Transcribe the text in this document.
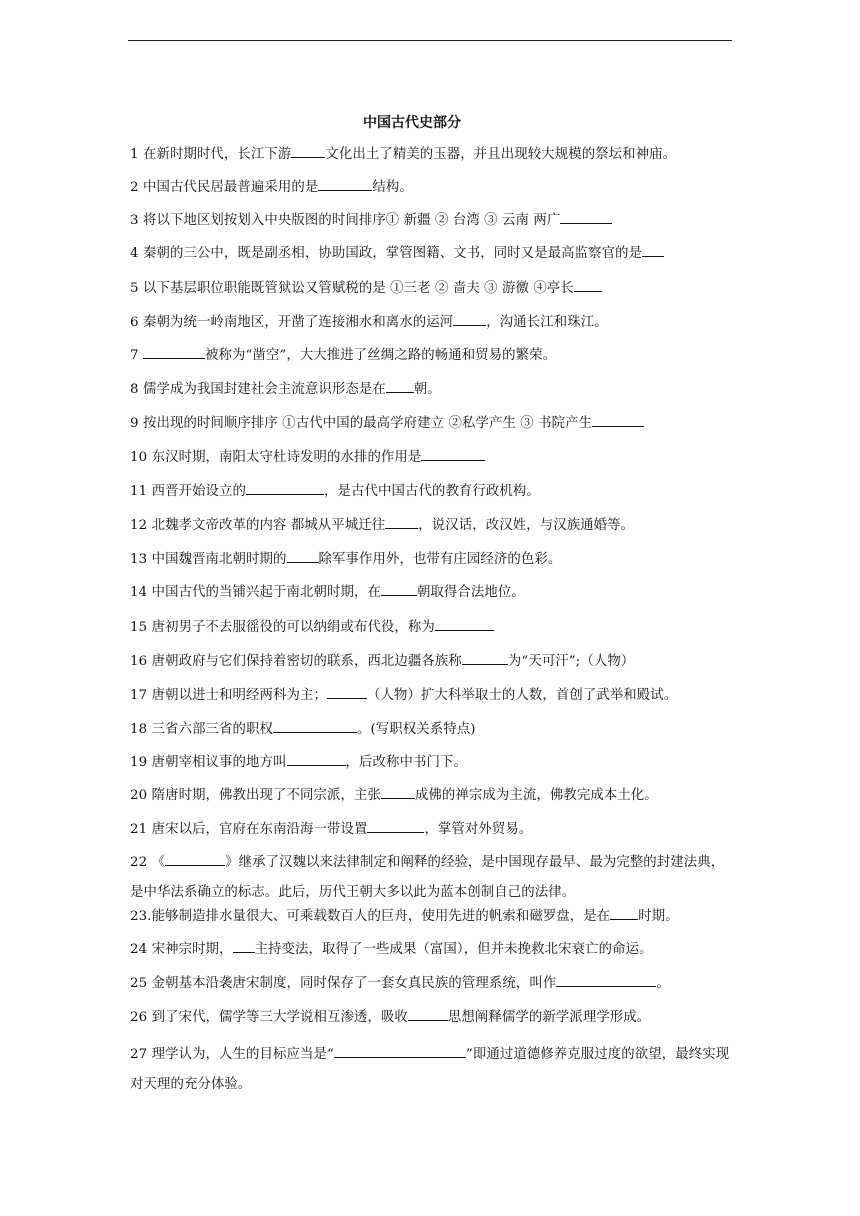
中国古代史部分
1 在新时期时代，长江下游	文化出土了精美的玉器，并且出现较大规模的祭坛和神庙。
2 中国古代民居最普遍采用的是	结构。
3 将以下地区划按划入中央版图的时间排序① 新疆 ② 台湾 ③ 云南 两广
4 秦朝的三公中，既是副丞相，协助国政，掌管图籍、文书，同时又是最高监察官的是
5 以下基层职位职能既管狱讼又管赋税的是 ①三老 ② 啬夫 ③ 游徼 ④亭长
6 秦朝为统一岭南地区，开凿了连接湘水和离水的运河 ，沟通长江和珠江。
7	被称为“凿空”，大大推进了丝绸之路的畅通和贸易的繁荣。
8 儒学成为我国封建社会主流意识形态是在 朝。
9 按出现的时间顺序排序 ①古代中国的最高学府建立 ②私学产生 ③ 书院产生
10 东汉时期，南阳太守杜诗发明的水排的作用是
11 西晋开始设立的	，是古代中国古代的教育行政机构。
12 北魏孝文帝改革的内容 都城从平城迁往 ，说汉话，改汉姓，与汉族通婚等。
13 中国魏晋南北朝时期的 除军事作用外，也带有庄园经济的色彩。
14 中国古代的当铺兴起于南北朝时期，在	朝取得合法地位。
15 唐初男子不去服徭役的可以纳绢或布代役，称为
16 唐朝政府与它们保持着密切的联系，西北边疆各族称	为“天可汗”;（人物）
17 唐朝以进士和明经两科为主；	（人物）扩大科举取士的人数，首创了武举和殿试。
18 三省六部三省的职权	。(写职权关系特点)
19 唐朝宰相议事的地方叫	，后改称中书门下。
20 隋唐时期，佛教出现了不同宗派，主张	成佛的禅宗成为主流，佛教完成本土化。
21 唐宋以后，官府在东南沿海一带设置	，掌管对外贸易。
22 《	》继承了汉魏以来法律制定和阐释的经验，是中国现存最早、最为完整的封建法典，是中华法系确立的标志。此后，历代王朝大多以此为蓝本创制自己的法律。
23.能够制造排水量很大、可乘载数百人的巨舟，使用先进的帆索和磁罗盘，是在 时期。
24 宋神宗时期， 主持变法，取得了一些成果（富国），但并未挽救北宋衰亡的命运。
25 金朝基本沿袭唐宋制度，同时保存了一套女真民族的管理系统，叫作	。
26 到了宋代，儒学等三大学说相互渗透，吸收	思想阐释儒学的新学派理学形成。
27 理学认为，人生的目标应当是“	”即通过道德修养克服过度的欲望，最终实现对天理的充分体验。
